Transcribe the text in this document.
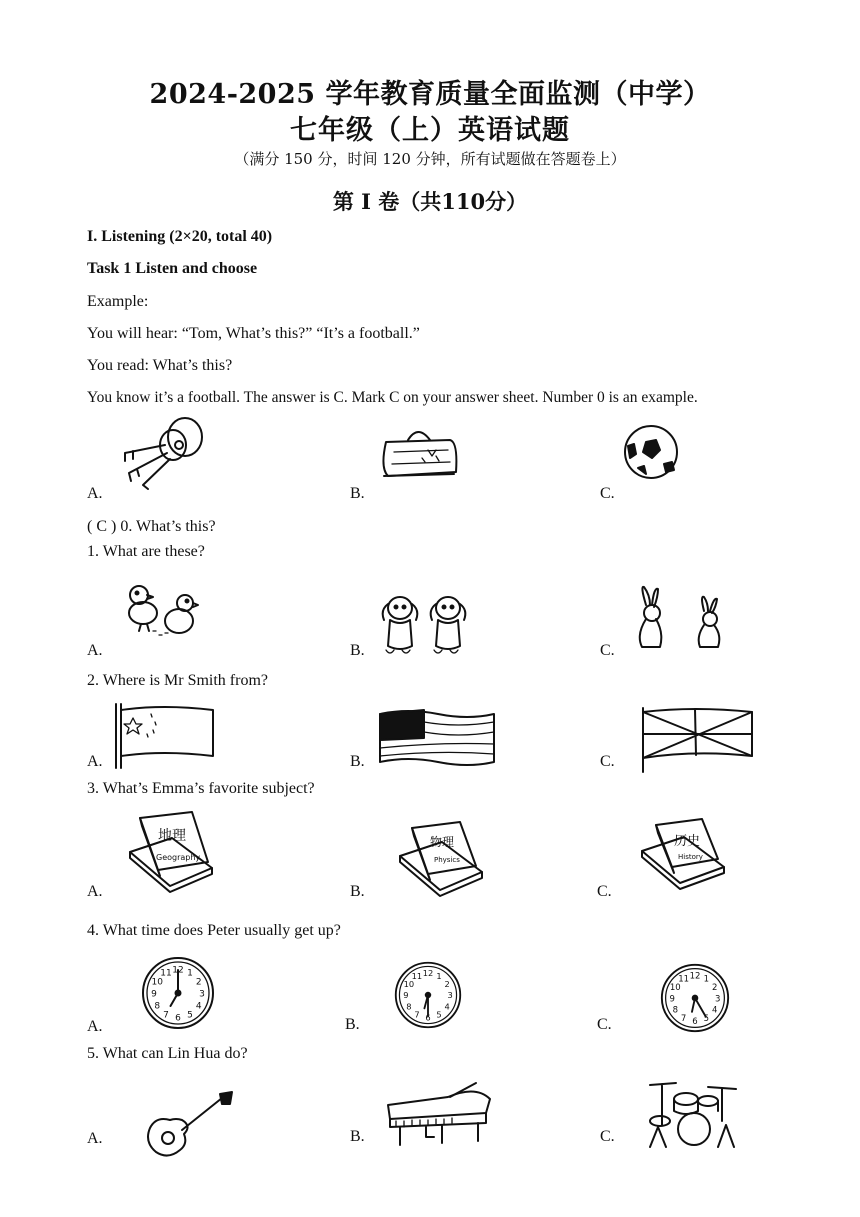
2024-2025 学年教育质量全面监测（中学）
七年级（上）英语试题
（满分 150 分，时间 120 分钟，所有试题做在答题卷上）
第 I 卷（共110分）
I. Listening (2×20, total 40)
Task 1 Listen and choose
Example:
You will hear: “Tom, What’s this?” “It’s a football.”
You read: What’s this?
You know it’s a football. The answer is C. Mark C on your answer sheet. Number 0 is an example.
A.	B.	C.
( C ) 0. What’s this?
1. What are these?
A.	B.	C.
2. Where is Mr Smith from?
A.	B.	C.
3. What’s Emma’s favorite subject?
地理
Geography
物理
Physics
历史
History
A.	B.	C.
4. What time does Peter usually get up?
12 1
2
3
4
5
6
7
8
9
10
11	12 1
2
3
4
5
6
7
8
9
10
11	12 1
2
3
4
5
6
7
8
9
10
11
A.	B.	C.
5. What can Lin Hua do?
A.	B.	C.
